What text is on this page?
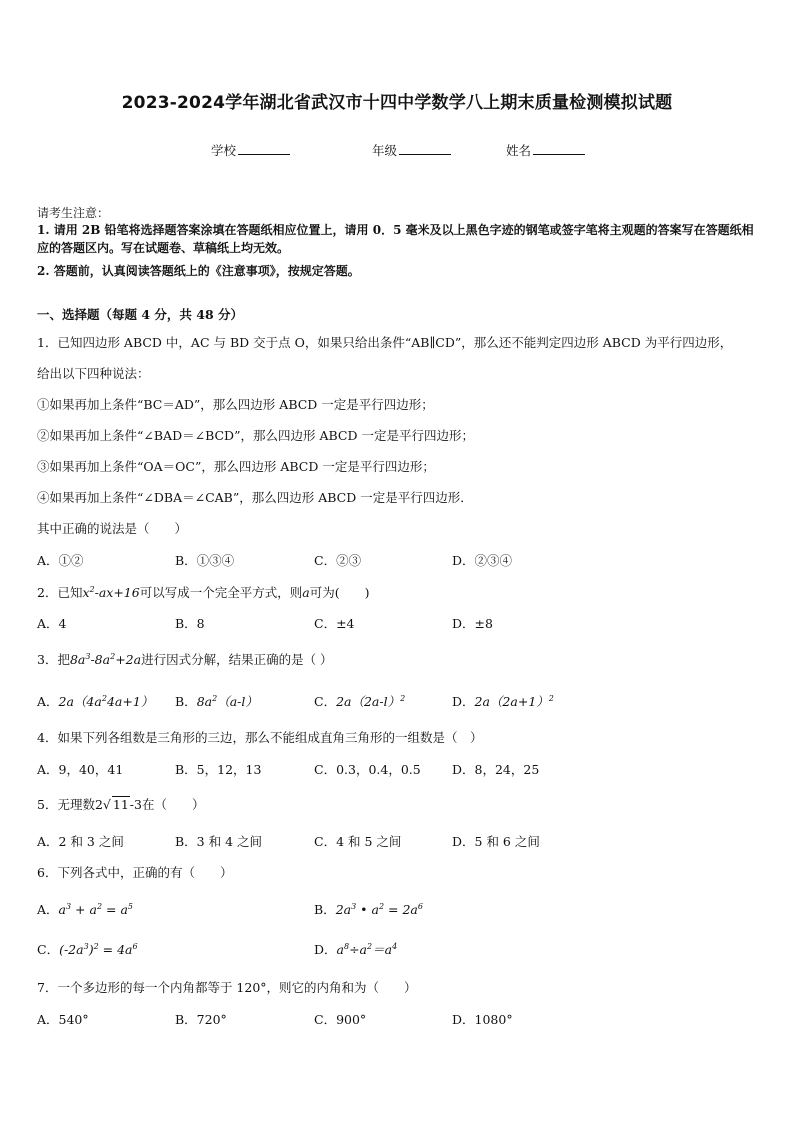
2023-2024学年湖北省武汉市十四中学数学八上期末质量检测模拟试题
学校	年级	姓名
请考生注意：
1. 请用 2B 铅笔将选择题答案涂填在答题纸相应位置上，请用 0．5 毫米及以上黑色字迹的钢笔或签字笔将主观题的答案写在答题纸相应的答题区内。写在试题卷、草稿纸上均无效。
2. 答题前，认真阅读答题纸上的《注意事项》，按规定答题。
一、选择题（每题 4 分，共 48 分）
1．已知四边形 ABCD 中，AC 与 BD 交于点 O，如果只给出条件“AB∥CD”，那么还不能判定四边形 ABCD 为平行四边形，
给出以下四种说法：
①如果再加上条件“BC＝AD”，那么四边形 ABCD 一定是平行四边形；
②如果再加上条件“∠BAD＝∠BCD”，那么四边形 ABCD 一定是平行四边形；
③如果再加上条件“OA＝OC”，那么四边形 ABCD 一定是平行四边形；
④如果再加上条件“∠DBA＝∠CAB”，那么四边形 ABCD 一定是平行四边形．
其中正确的说法是（　　）
A．①②	B．①③④	C．②③	D．②③④
2．已知$x^2-ax+16$可以写成一个完全平方式，则a可为(　　)
A．4	B．8	C．±4	D．±8
3．把$8a^3-8a^2+2a$进行因式分解，结果正确的是（ ）
A．$2a(4a^24a+1)$ B．$8a^2(a-l)$	C．$2a(2a-l)^2$	D．$2a(2a+1)^2$
4．如果下列各组数是三角形的三边，那么不能组成直角三角形的一组数是（　）
A．9，40，41	B．5，12，13	C．0.3，0.4，0.5	D．8，24，25
5．无理数2√ 11-3在（　　）
A．2 和 3 之间	B．3 和 4 之间	C．4 和 5 之间	D．5 和 6 之间
6．下列各式中，正确的有（　　）
A．$a^3 + a^2 = a^5$	B．$2a^3$ • $a^2 = 2a^6$
C．$(-2a^3)^2 = 4a^6$	D．$a^8\div a^2=a^4$
7．一个多边形的每一个内角都等于 120°，则它的内角和为（　　）
A．540°	B．720°	C．900°	D．1080°
